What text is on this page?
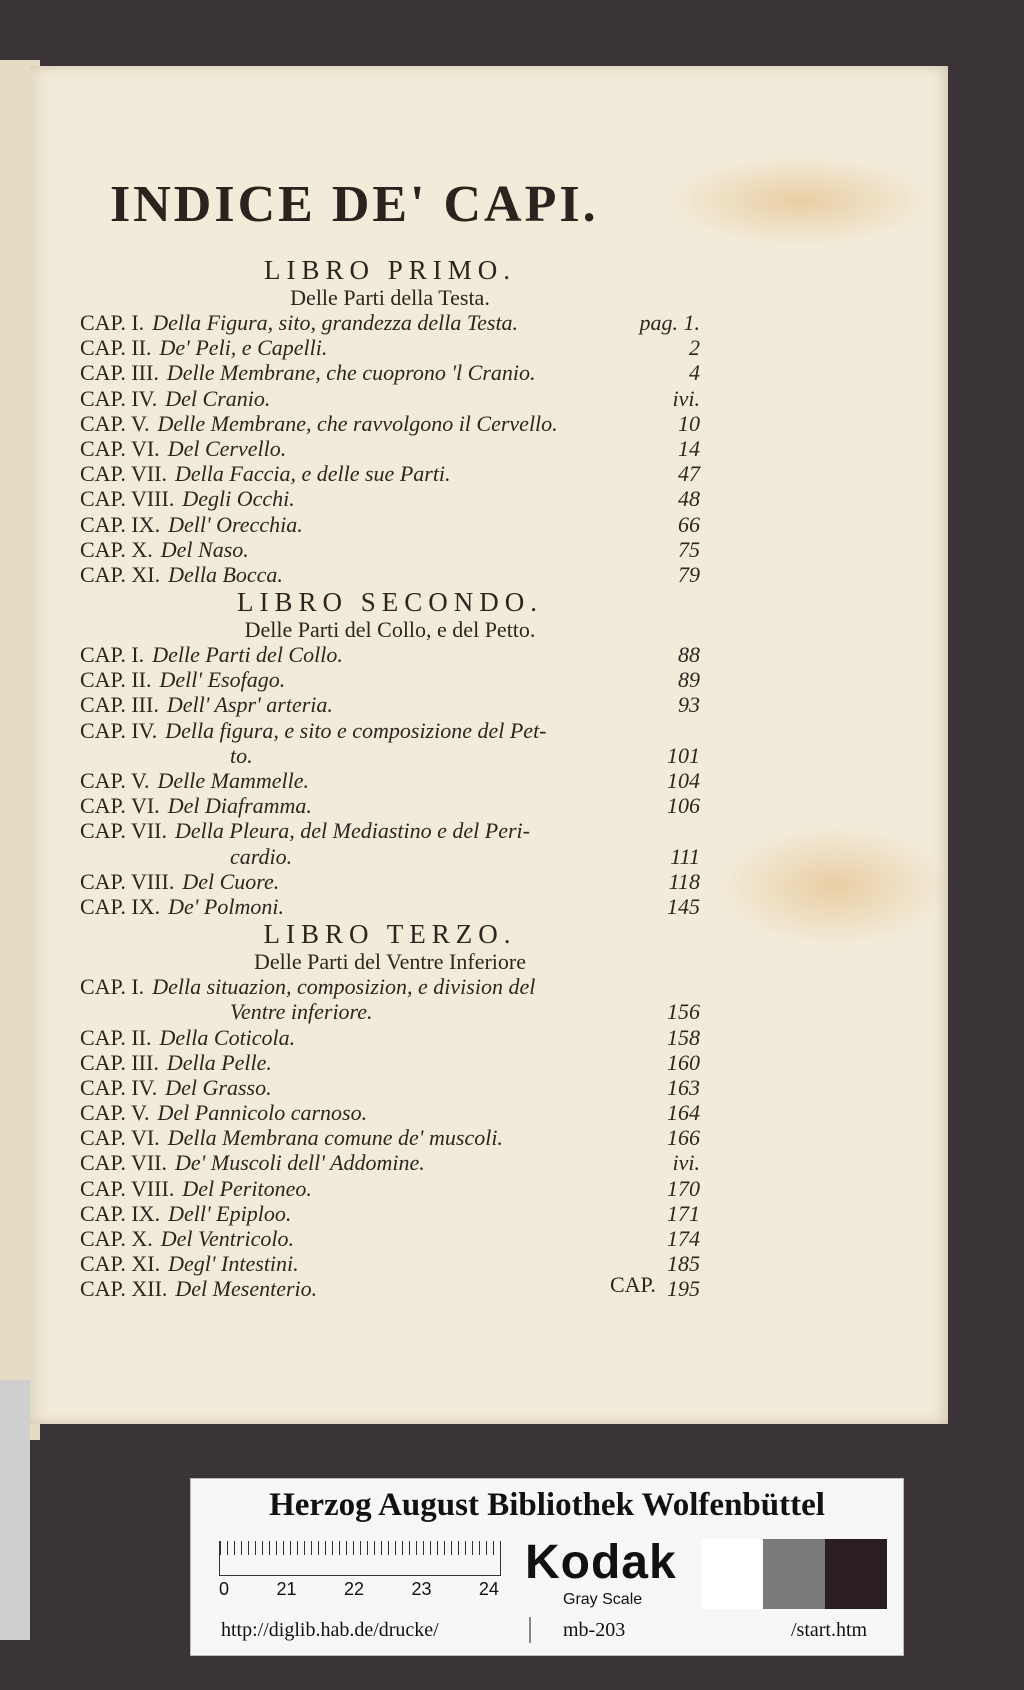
INDICE DE' CAPI.
LIBRO PRIMO.
Delle Parti della Testa.
CAP. I. Della Figura, sito, grandezza della Testa.	pag. 1.
CAP. II. De' Peli, e Capelli.	2
CAP. III. Delle Membrane, che cuoprono 'l Cranio.	4
CAP. IV. Del Cranio.	ivi.
CAP. V. Delle Membrane, che ravvolgono il Cervello.	10
CAP. VI. Del Cervello.	14
CAP. VII. Della Faccia, e delle sue Parti.	47
CAP. VIII. Degli Occhi.	48
CAP. IX. Dell' Orecchia.	66
CAP. X. Del Naso.	75
CAP. XI. Della Bocca.	79
LIBRO SECONDO.
Delle Parti del Collo, e del Petto.
CAP. I. Delle Parti del Collo.	88
CAP. II. Dell' Esofago.	89
CAP. III. Dell' Aspr' arteria.	93
CAP. IV. Della figura, e sito e composizione del Pet-
to.	101
CAP. V. Delle Mammelle.	104
CAP. VI. Del Diaframma.	106
CAP. VII. Della Pleura, del Mediastino e del Peri-
cardio.	111
CAP. VIII. Del Cuore.	118
CAP. IX. De' Polmoni.	145
LIBRO TERZO.
Delle Parti del Ventre Inferiore
CAP. I. Della situazion, composizion, e division del
Ventre inferiore.	156
CAP. II. Della Coticola.	158
CAP. III. Della Pelle.	160
CAP. IV. Del Grasso.	163
CAP. V. Del Pannicolo carnoso.	164
CAP. VI. Della Membrana comune de' muscoli.	166
CAP. VII. De' Muscoli dell' Addomine.	ivi.
CAP. VIII. Del Peritoneo.	170
CAP. IX. Dell' Epiploo.	171
CAP. X. Del Ventricolo.	174
CAP. XI. Degl' Intestini.	185
CAP. XII. Del Mesenterio.	195
CAP.
Herzog August Bibliothek Wolfenbüttel
0	21	22	23	24 Kodak
Gray Scale
http://diglib.hab.de/drucke/	mb-203	/start.htm
